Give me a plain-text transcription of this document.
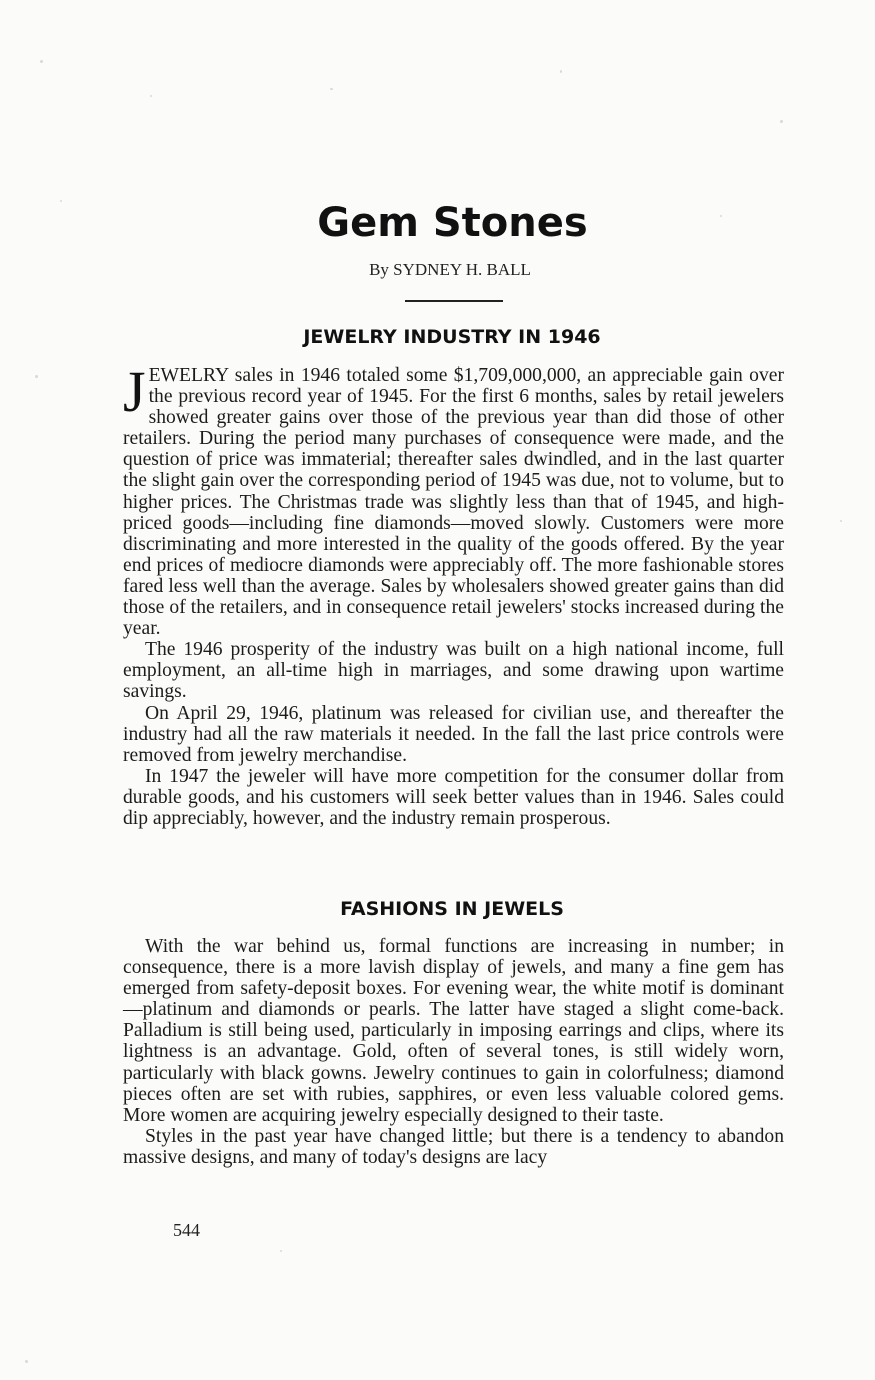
Gem Stones
By SYDNEY H. BALL
JEWELRY INDUSTRY IN 1946

JEWELRY sales in 1946 totaled some $1,709,000,000, an appreciable gain over the previous record year of 1945. For the first 6 months, sales by retail jewelers showed greater gains over those of the previous year than did those of other retailers. During the period many purchases of consequence were made, and the question of price was immaterial; thereafter sales dwindled, and in the last quarter the slight gain over the corresponding period of 1945 was due, not to volume, but to higher prices. The Christmas trade was slightly less than that of 1945, and high-priced goods—including fine diamonds—moved slowly. Customers were more discriminating and more interested in the quality of the goods offered. By the year end prices of mediocre diamonds were appreciably off. The more fashionable stores fared less well than the average. Sales by wholesalers showed greater gains than did those of the retailers, and in consequence retail jewelers' stocks increased during the year.

The 1946 prosperity of the industry was built on a high national income, full employment, an all-time high in marriages, and some drawing upon wartime savings.

On April 29, 1946, platinum was released for civilian use, and thereafter the industry had all the raw materials it needed. In the fall the last price controls were removed from jewelry merchandise.

In 1947 the jeweler will have more competition for the consumer dollar from durable goods, and his customers will seek better values than in 1946. Sales could dip appreciably, however, and the industry remain prosperous.

FASHIONS IN JEWELS

With the war behind us, formal functions are increasing in number; in consequence, there is a more lavish display of jewels, and many a fine gem has emerged from safety-deposit boxes. For evening wear, the white motif is dominant—platinum and diamonds or pearls. The latter have staged a slight come-back. Palladium is still being used, particularly in imposing earrings and clips, where its lightness is an advantage. Gold, often of several tones, is still widely worn, particularly with black gowns. Jewelry continues to gain in colorfulness; diamond pieces often are set with rubies, sapphires, or even less valuable colored gems. More women are acquiring jewelry especially designed to their taste.

Styles in the past year have changed little; but there is a tendency to abandon massive designs, and many of today's designs are lacy

544
